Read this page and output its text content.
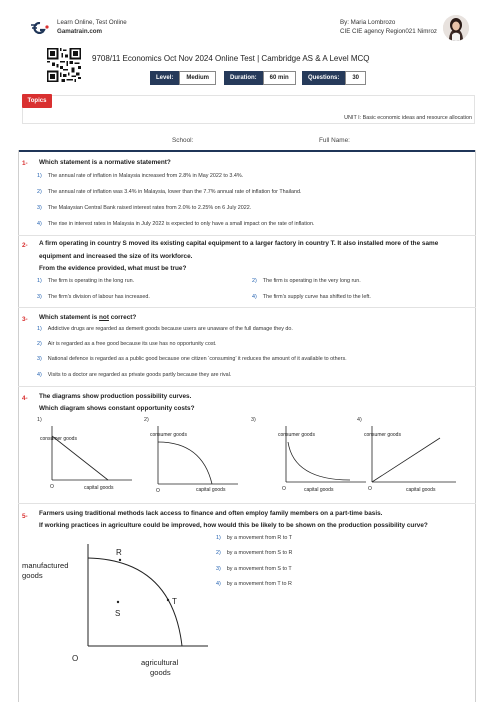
Learn Online, Test Online
Gamatrain.com
By: Maria Lombrozo
CIE CIE agency Region021 Nimroz
9708/11 Economics Oct Nov 2024 Online Test | Cambridge AS & A Level MCQ
Level:	Medium	Duration:	60 min	Questions:	30
Topics
UNIT I: Basic economic ideas and resource allocation
School:	Full Name:
1- Which statement is a normative statement?
1) The annual rate of inflation in Malaysia increased from 2.8% in May 2022 to 3.4%.
2) The annual rate of inflation was 3.4% in Malaysia, lower than the 7.7% annual rate of inflation for Thailand.
3) The Malaysian Central Bank raised interest rates from 2.0% to 2.25% on 6 July 2022.
4) The rise in interest rates in Malaysia in July 2022 is expected to only have a small impact on the rate of inflation.
2- A firm operating in country S moved its existing capital equipment to a larger factory in country T. It also installed more of the same
equipment and increased the size of its workforce.
From the evidence provided, what must be true?
1) The firm is operating in the long run.	2) The firm is operating in the very long run.
3) The firm’s division of labour has increased.	4) The firm’s supply curve has shifted to the left.
3- Which statement is not correct?
1) Addictive drugs are regarded as demerit goods because users are unaware of the full damage they do.
2) Air is regarded as a free good because its use has no opportunity cost.
3) National defence is regarded as a public good because one citizen ‘consuming’ it reduces the amount of it available to others.
4) Visits to a doctor are regarded as private goods partly because they are rival.
4- The diagrams show production possibility curves.
Which diagram shows constant opportunity costs?
1)
consumer goods
O	capital goods
2)
consumer goods
O	capital goods
3)
consumer goods
O	capital goods
4)
consumer goods
O	capital goods
5- Farmers using traditional methods lack access to finance and often employ family members on a part-time basis.
If working practices in agriculture could be improved, how would this be likely to be shown on the production possibility curve?
R
T
S
manufactured
goods
O	agricultural
goods
1) by a movement from R to T
2) by a movement from S to R
3) by a movement from S to T
4) by a movement from T to R
